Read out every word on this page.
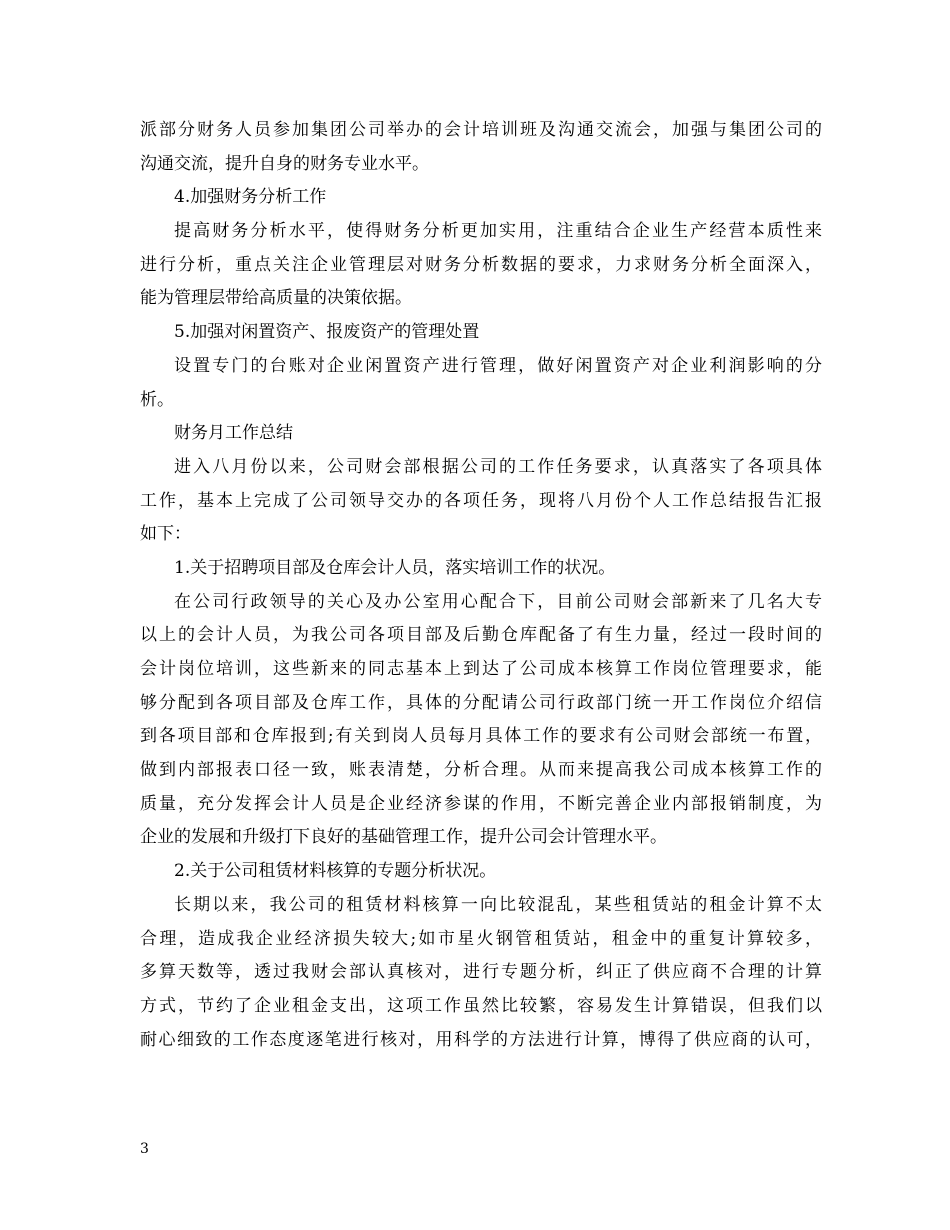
派部分财务人员参加集团公司举办的会计培训班及沟通交流会，加强与集团公司的
沟通交流，提升自身的财务专业水平。
4.加强财务分析工作
提高财务分析水平，使得财务分析更加实用，注重结合企业生产经营本质性来
进行分析，重点关注企业管理层对财务分析数据的要求，力求财务分析全面深入，
能为管理层带给高质量的决策依据。
5.加强对闲置资产、报废资产的管理处置
设置专门的台账对企业闲置资产进行管理，做好闲置资产对企业利润影响的分
析。
财务月工作总结
进入八月份以来，公司财会部根据公司的工作任务要求，认真落实了各项具体
工作，基本上完成了公司领导交办的各项任务，现将八月份个人工作总结报告汇报
如下：
1.关于招聘项目部及仓库会计人员，落实培训工作的状况。
在公司行政领导的关心及办公室用心配合下，目前公司财会部新来了几名大专
以上的会计人员，为我公司各项目部及后勤仓库配备了有生力量，经过一段时间的
会计岗位培训，这些新来的同志基本上到达了公司成本核算工作岗位管理要求，能
够分配到各项目部及仓库工作，具体的分配请公司行政部门统一开工作岗位介绍信
到各项目部和仓库报到;有关到岗人员每月具体工作的要求有公司财会部统一布置，
做到内部报表口径一致，账表清楚，分析合理。从而来提高我公司成本核算工作的
质量，充分发挥会计人员是企业经济参谋的作用，不断完善企业内部报销制度，为
企业的发展和升级打下良好的基础管理工作，提升公司会计管理水平。
2.关于公司租赁材料核算的专题分析状况。
长期以来，我公司的租赁材料核算一向比较混乱，某些租赁站的租金计算不太
合理，造成我企业经济损失较大;如市星火钢管租赁站，租金中的重复计算较多，
多算天数等，透过我财会部认真核对，进行专题分析，纠正了供应商不合理的计算
方式，节约了企业租金支出，这项工作虽然比较繁，容易发生计算错误，但我们以
耐心细致的工作态度逐笔进行核对，用科学的方法进行计算，博得了供应商的认可，
3
